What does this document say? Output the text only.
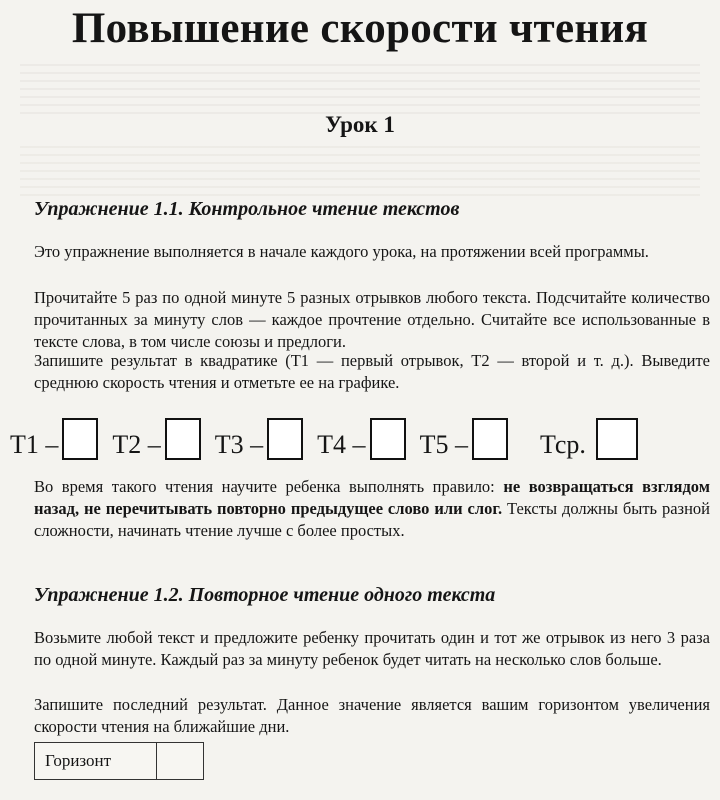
Повышение скорости чтения
Урок 1
Упражнение 1.1. Контрольное чтение текстов

Это упражнение выполняется в начале каждого урока, на протяжении всей программы.

Прочитайте 5 раз по одной минуте 5 разных отрывков любого текста. Подсчитайте количество прочитанных за минуту слов — каждое прочтение отдельно. Считайте все использованные в тексте слова, в том числе союзы и предлоги.

Запишите результат в квадратике (Т1 — первый отрывок, Т2 — второй и т. д.). Выведите среднюю скорость чтения и отметьте ее на графике.

Т1 – Т2 – Т3 – Т4 – Т5 –	Тср.

Во время такого чтения научите ребенка выполнять правило: не возвращаться взглядом назад, не перечитывать повторно предыдущее слово или слог. Тексты должны быть разной сложности, начинать чтение лучше с более простых.

Упражнение 1.2. Повторное чтение одного текста

Возьмите любой текст и предложите ребенку прочитать один и тот же отрывок из него 3 раза по одной минуте. Каждый раз за минуту ребенок будет читать на несколько слов больше.

Запишите последний результат. Данное значение является вашим горизонтом увеличения скорости чтения на ближайшие дни.

Горизонт
